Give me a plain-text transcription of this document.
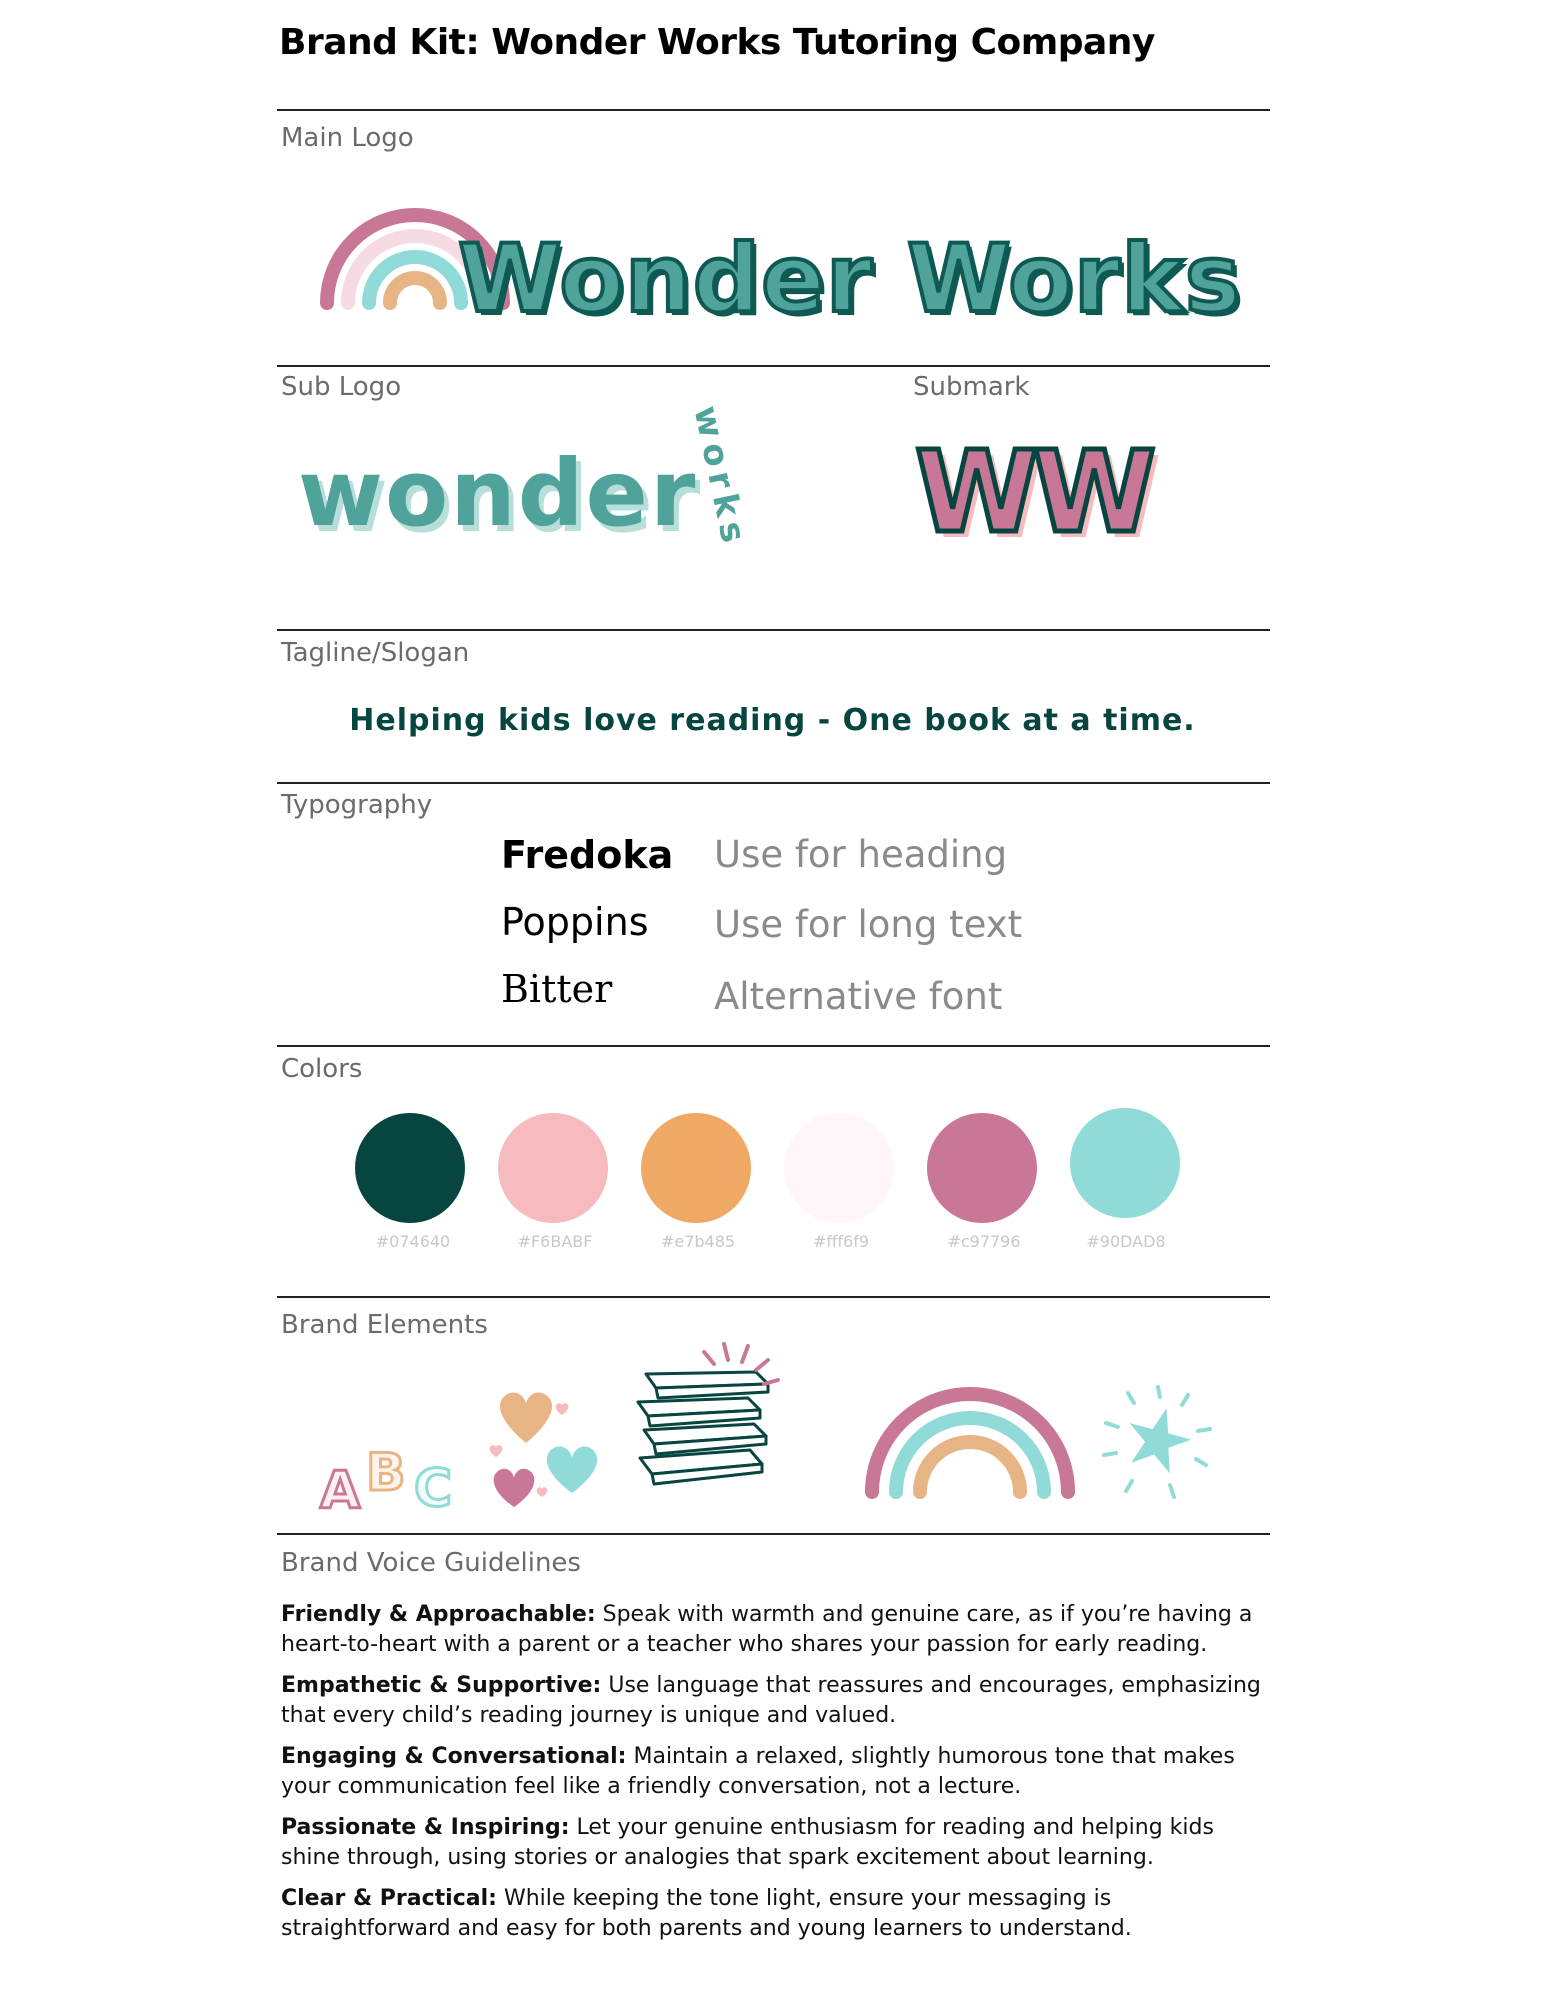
Brand Kit: Wonder Works Tutoring Company
Main Logo
Wonder Works
Sub Logo	Submark
wonder
works WW
Tagline/Slogan
Helping kids love reading - One book at a time.
Typography
Fredoka Use for heading
Poppins Use for long text
Bitter	Alternative font
Colors
#074640	#F6BABF	#e7b485	#fff6f9	#c97796	#90DAD8
Brand Elements
A B C
Brand Voice Guidelines
Friendly & Approachable: Speak with warmth and genuine care, as if you’re having a heart-to-heart with a parent or a teacher who shares your passion for early reading.
Empathetic & Supportive: Use language that reassures and encourages, emphasizing that every child’s reading journey is unique and valued.
Engaging & Conversational: Maintain a relaxed, slightly humorous tone that makes your communication feel like a friendly conversation, not a lecture.
Passionate & Inspiring: Let your genuine enthusiasm for reading and helping kids shine through, using stories or analogies that spark excitement about learning.
Clear & Practical: While keeping the tone light, ensure your messaging is straightforward and easy for both parents and young learners to understand.
